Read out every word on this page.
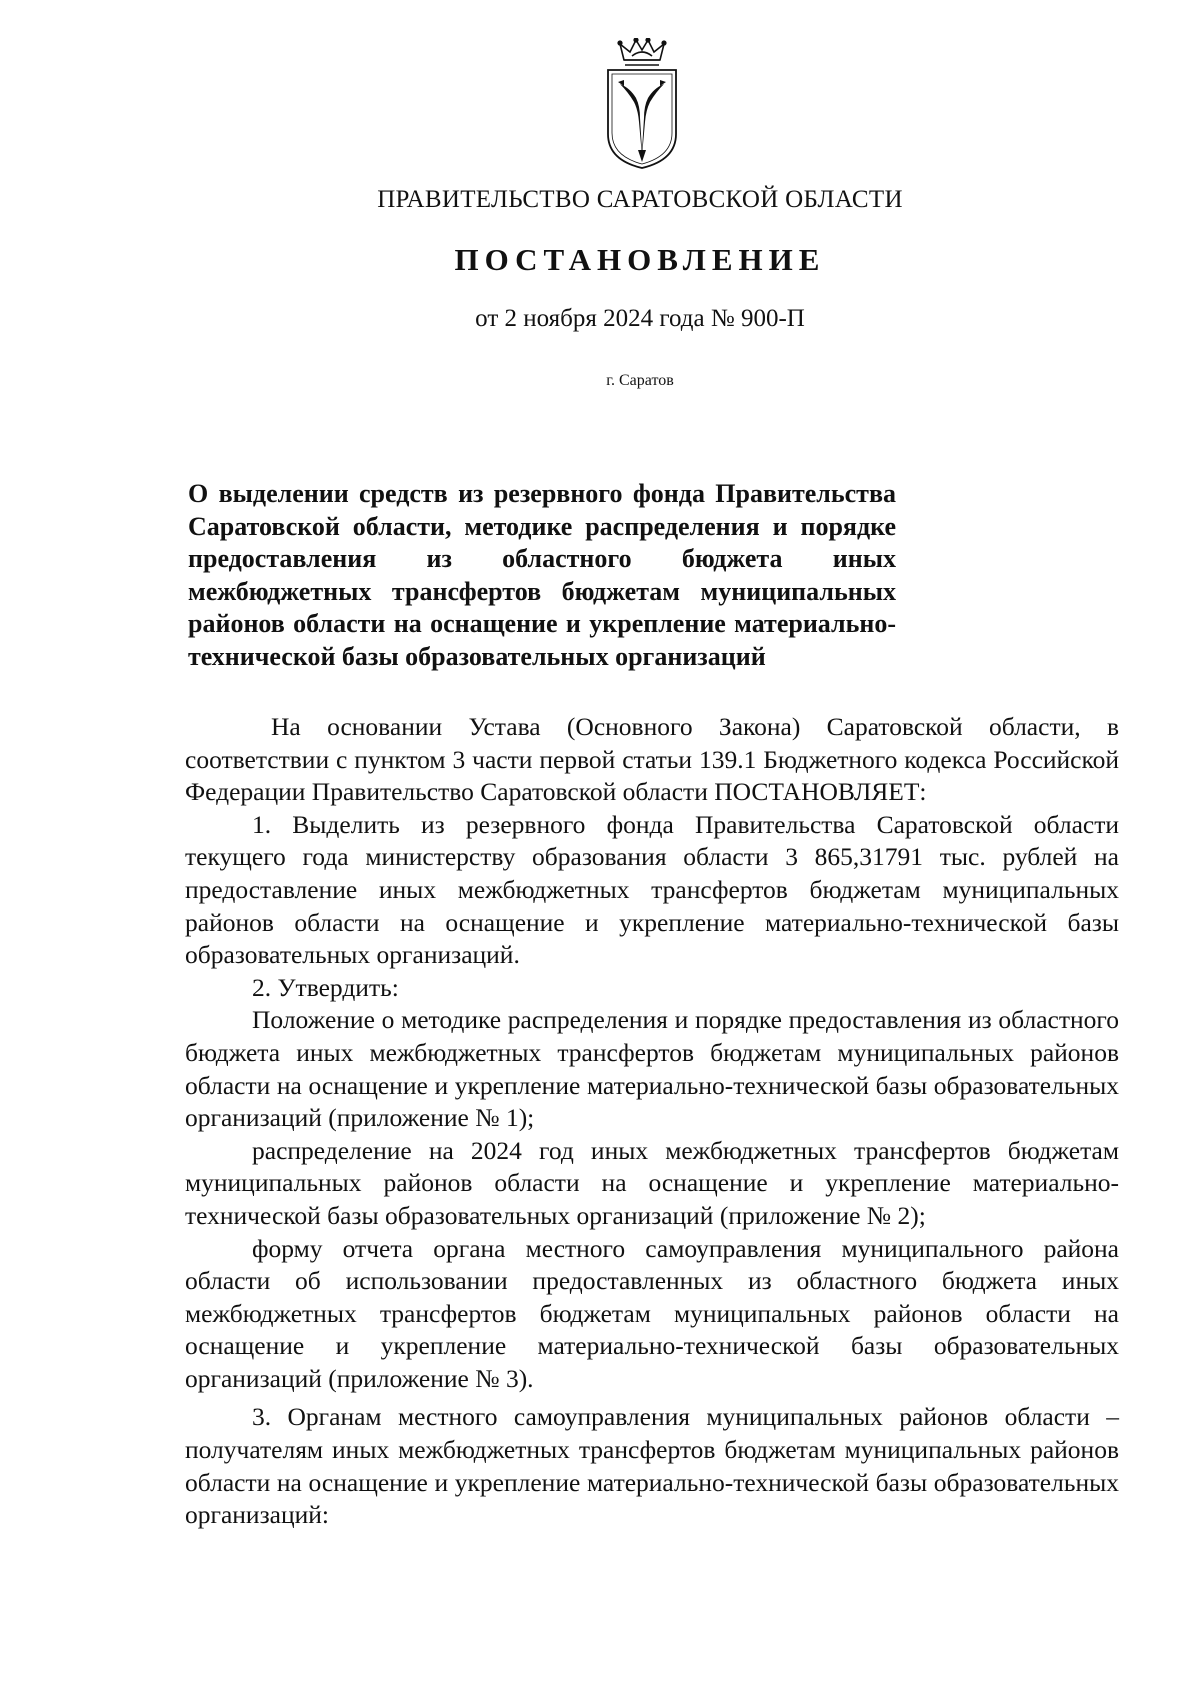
ПРАВИТЕЛЬСТВО САРАТОВСКОЙ ОБЛАСТИ
ПОСТАНОВЛЕНИЕ
от 2 ноября 2024 года № 900-П
г. Саратов
О выделении средств из резервного фонда Правительства Саратовской области, методике распределения и порядке предоставления из областного бюджета иных межбюджетных трансфертов бюджетам муниципальных районов области на оснащение и укрепление материально-технической базы образовательных организаций

На основании Устава (Основного Закона) Саратовской области, в соответствии с пунктом 3 части первой статьи 139.1 Бюджетного кодекса Российской Федерации Правительство Саратовской области ПОСТАНОВЛЯЕТ:

1. Выделить из резервного фонда Правительства Саратовской области текущего года министерству образования области 3 865,31791 тыс. рублей на предоставление иных межбюджетных трансфертов бюджетам муниципальных районов области на оснащение и укрепление материально-технической базы образовательных организаций.

2. Утвердить:

Положение о методике распределения и порядке предоставления из областного бюджета иных межбюджетных трансфертов бюджетам муниципальных районов области на оснащение и укрепление материально-технической базы образовательных организаций (приложение № 1);

распределение на 2024 год иных межбюджетных трансфертов бюджетам муниципальных районов области на оснащение и укрепление материально-технической базы образовательных организаций (приложение № 2);

форму отчета органа местного самоуправления муниципального района области об использовании предоставленных из областного бюджета иных межбюджетных трансфертов бюджетам муниципальных районов области на оснащение и укрепление материально-технической базы образовательных организаций (приложение № 3).

3. Органам местного самоуправления муниципальных районов области – получателям иных межбюджетных трансфертов бюджетам муниципальных районов области на оснащение и укрепление материально-технической базы образовательных организаций:
